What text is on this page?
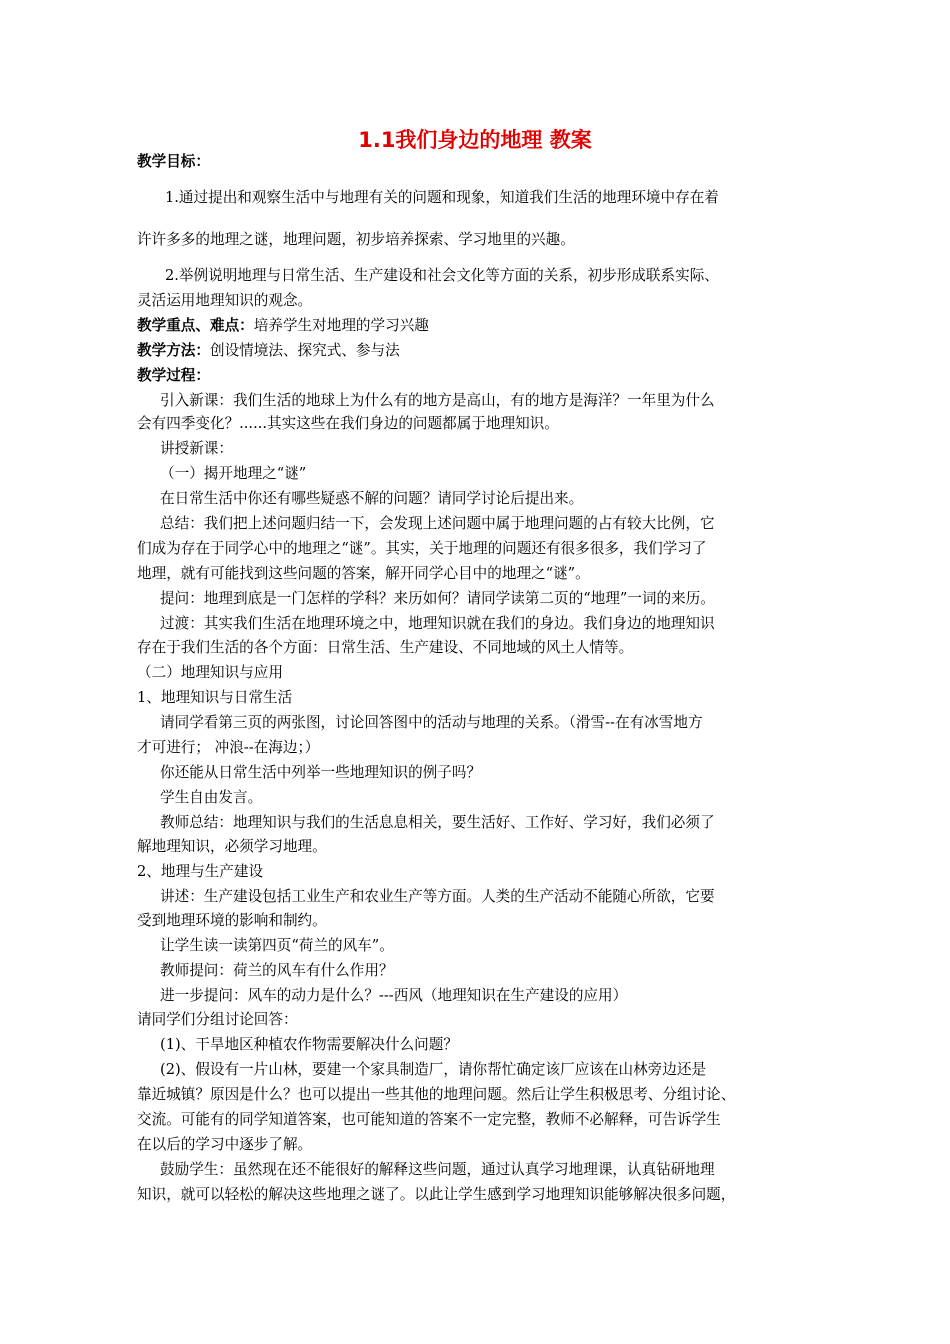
1.1我们身边的地理 教案
教学目标：
1.通过提出和观察生活中与地理有关的问题和现象，知道我们生活的地理环境中存在着
许许多多的地理之谜，地理问题，初步培养探索、学习地里的兴趣。
2.举例说明地理与日常生活、生产建设和社会文化等方面的关系，初步形成联系实际、
灵活运用地理知识的观念。
教学重点、难点：培养学生对地理的学习兴趣
教学方法：创设情境法、探究式、参与法
教学过程：
引入新课：我们生活的地球上为什么有的地方是高山，有的地方是海洋？一年里为什么
会有四季变化？......其实这些在我们身边的问题都属于地理知识。
讲授新课：
（一）揭开地理之“谜”
在日常生活中你还有哪些疑惑不解的问题？请同学讨论后提出来。
总结：我们把上述问题归结一下，会发现上述问题中属于地理问题的占有较大比例，它
们成为存在于同学心中的地理之“谜”。其实，关于地理的问题还有很多很多，我们学习了
地理，就有可能找到这些问题的答案，解开同学心目中的地理之“谜”。
提问：地理到底是一门怎样的学科？来历如何？请同学读第二页的“地理”一词的来历。
过渡：其实我们生活在地理环境之中，地理知识就在我们的身边。我们身边的地理知识
存在于我们生活的各个方面：日常生活、生产建设、不同地域的风土人情等。
（二）地理知识与应用
1、地理知识与日常生活
请同学看第三页的两张图，讨论回答图中的活动与地理的关系。（滑雪--在有冰雪地方
才可进行； 冲浪--在海边；）
你还能从日常生活中列举一些地理知识的例子吗？
学生自由发言。
教师总结：地理知识与我们的生活息息相关，要生活好、工作好、学习好，我们必须了
解地理知识，必须学习地理。
2、地理与生产建设
讲述：生产建设包括工业生产和农业生产等方面。人类的生产活动不能随心所欲，它要
受到地理环境的影响和制约。
让学生读一读第四页“荷兰的风车”。
教师提问：荷兰的风车有什么作用？
进一步提问：风车的动力是什么？---西风（地理知识在生产建设的应用）
请同学们分组讨论回答：
(1)、干旱地区种植农作物需要解决什么问题？
(2)、假设有一片山林，要建一个家具制造厂，请你帮忙确定该厂应该在山林旁边还是
靠近城镇？原因是什么？也可以提出一些其他的地理问题。然后让学生积极思考、分组讨论、
交流。可能有的同学知道答案，也可能知道的答案不一定完整，教师不必解释，可告诉学生
在以后的学习中逐步了解。
鼓励学生：虽然现在还不能很好的解释这些问题，通过认真学习地理课，认真钻研地理
知识，就可以轻松的解决这些地理之谜了。以此让学生感到学习地理知识能够解决很多问题，
